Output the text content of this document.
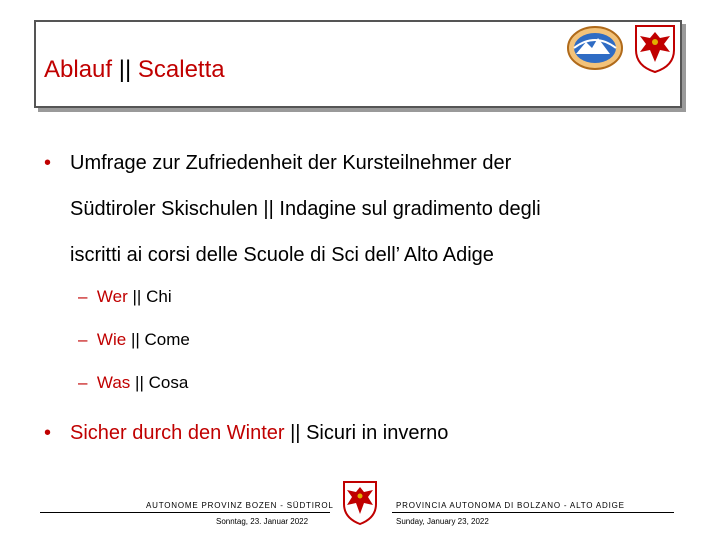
Ablauf || Scaletta
• Umfrage zur Zufriedenheit der Kursteilnehmer der
Südtiroler Skischulen || Indagine sul gradimento degli
iscritti ai corsi delle Scuole di Sci dell’ Alto Adige
– Wer || Chi
– Wie || Come
– Was || Cosa
• Sicher durch den Winter || Sicuri in inverno
AUTONOME PROVINZ BOZEN - SÜDTIROL
Sonntag, 23. Januar 2022
PROVINCIA AUTONOMA DI BOLZANO - ALTO ADIGE
Sunday, January 23, 2022
